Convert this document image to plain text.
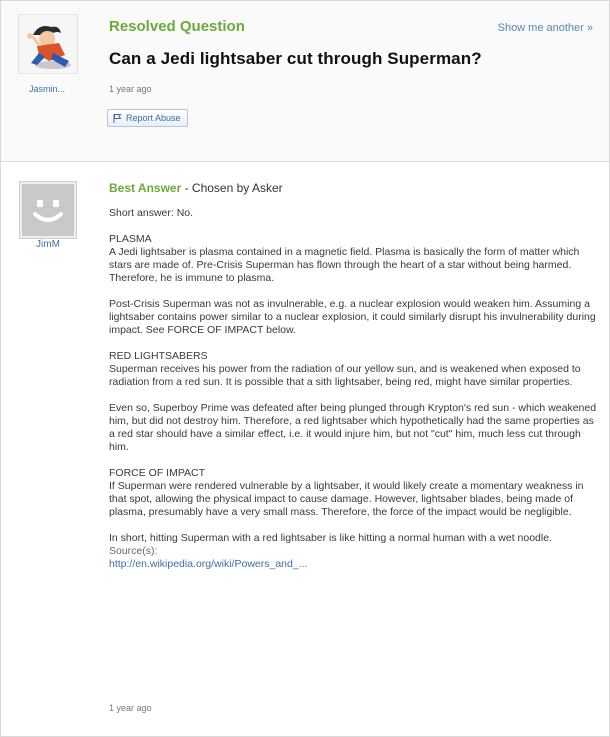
Jasmin...
Resolved Question	Show me another »
Can a Jedi lightsaber cut through Superman?
1 year ago
Report Abuse
JimM
Best Answer - Chosen by Asker

Short answer: No.

PLASMA

A Jedi lightsaber is plasma contained in a magnetic field. Plasma is basically the form of matter which stars are made of. Pre-Crisis Superman has flown through the heart of a star without being harmed. Therefore, he is immune to plasma.

Post-Crisis Superman was not as invulnerable, e.g. a nuclear explosion would weaken him. Assuming a lightsaber contains power similar to a nuclear explosion, it could similarly disrupt his invulnerability during impact. See FORCE OF IMPACT below.

RED LIGHTSABERS

Superman receives his power from the radiation of our yellow sun, and is weakened when exposed to radiation from a red sun. It is possible that a sith lightsaber, being red, might have similar properties.

Even so, Superboy Prime was defeated after being plunged through Krypton's red sun - which weakened him, but did not destroy him. Therefore, a red lightsaber which hypothetically had the same properties as a red star should have a similar effect, i.e. it would injure him, but not "cut" him, much less cut through him.

FORCE OF IMPACT

If Superman were rendered vulnerable by a lightsaber, it would likely create a momentary weakness in that spot, allowing the physical impact to cause damage. However, lightsaber blades, being made of plasma, presumably have a very small mass. Therefore, the force of the impact would be negligible.

In short, hitting Superman with a red lightsaber is like hitting a normal human with a wet noodle.

Source(s):
http://en.wikipedia.org/wiki/Powers_and_...
1 year ago
